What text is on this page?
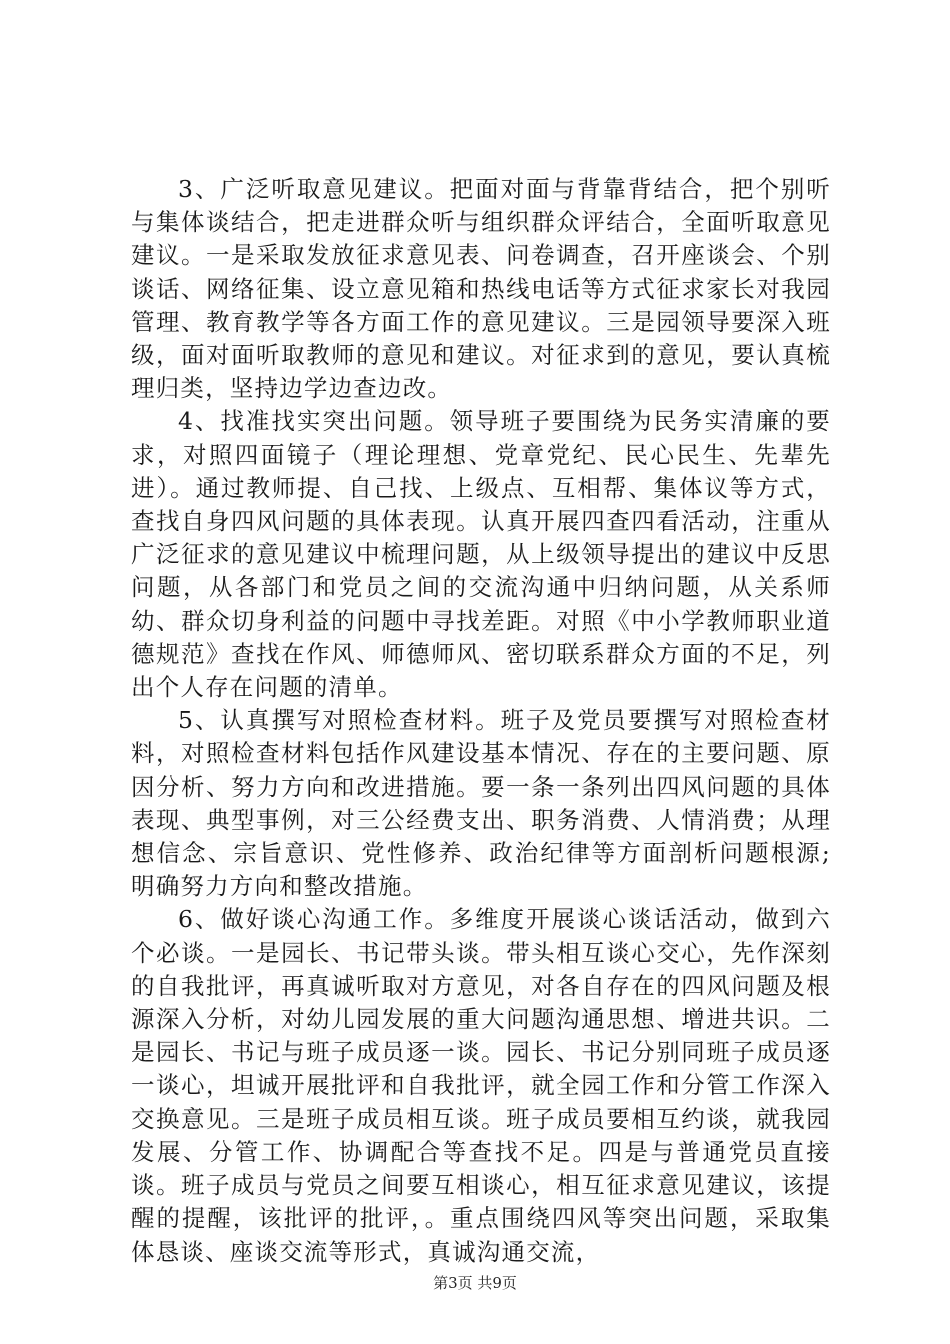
3、广泛听取意见建议。把面对面与背靠背结合，把个别听与集体谈结合，把走进群众听与组织群众评结合，全面听取意见建议。一是采取发放征求意见表、问卷调查，召开座谈会、个别谈话、网络征集、设立意见箱和热线电话等方式征求家长对我园管理、教育教学等各方面工作的意见建议。三是园领导要深入班级，面对面听取教师的意见和建议。对征求到的意见，要认真梳理归类，坚持边学边查边改。

4、找准找实突出问题。领导班子要围绕为民务实清廉的要求，对照四面镜子（理论理想、党章党纪、民心民生、先辈先进）。通过教师提、自己找、上级点、互相帮、集体议等方式，查找自身四风问题的具体表现。认真开展四查四看活动，注重从广泛征求的意见建议中梳理问题，从上级领导提出的建议中反思问题，从各部门和党员之间的交流沟通中归纳问题，从关系师幼、群众切身利益的问题中寻找差距。对照《中小学教师职业道德规范》查找在作风、师德师风、密切联系群众方面的不足，列出个人存在问题的清单。

5、认真撰写对照检查材料。班子及党员要撰写对照检查材料，对照检查材料包括作风建设基本情况、存在的主要问题、原因分析、努力方向和改进措施。要一条一条列出四风问题的具体表现、典型事例，对三公经费支出、职务消费、人情消费；从理想信念、宗旨意识、党性修养、政治纪律等方面剖析问题根源;明确努力方向和整改措施。

6、做好谈心沟通工作。多维度开展谈心谈话活动，做到六个必谈。一是园长、书记带头谈。带头相互谈心交心，先作深刻的自我批评，再真诚听取对方意见，对各自存在的四风问题及根源深入分析，对幼儿园发展的重大问题沟通思想、增进共识。二是园长、书记与班子成员逐一谈。园长、书记分别同班子成员逐一谈心，坦诚开展批评和自我批评，就全园工作和分管工作深入交换意见。三是班子成员相互谈。班子成员要相互约谈，就我园发展、分管工作、协调配合等查找不足。四是与普通党员直接谈。班子成员与党员之间要互相谈心，相互征求意见建议，该提醒的提醒，该批评的批评，。重点围绕四风等突出问题，采取集体恳谈、座谈交流等形式，真诚沟通交流，

第3页 共9页
